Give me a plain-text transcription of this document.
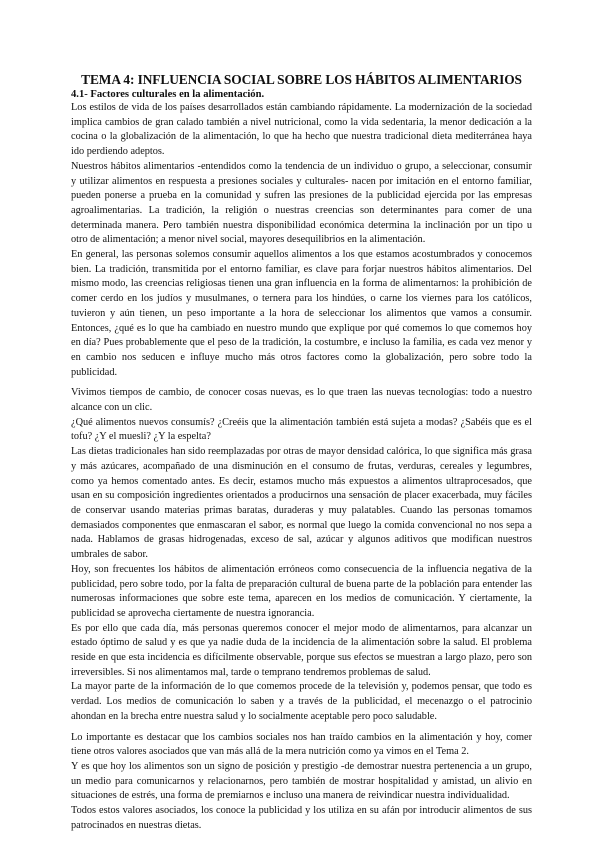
TEMA 4: INFLUENCIA SOCIAL SOBRE LOS HÁBITOS ALIMENTARIOS
4.1- Factores culturales en la alimentación.

Los estilos de vida de los países desarrollados están cambiando rápidamente. La modernización de la sociedad implica cambios de gran calado también a nivel nutricional, como la vida sedentaria, la menor dedicación a la cocina o la globalización de la alimentación, lo que ha hecho que nuestra tradicional dieta mediterránea haya ido perdiendo adeptos.

Nuestros hábitos alimentarios -entendidos como la tendencia de un individuo o grupo, a seleccionar, consumir y utilizar alimentos en respuesta a presiones sociales y culturales- nacen por imitación en el entorno familiar, pueden ponerse a prueba en la comunidad y sufren las presiones de la publicidad ejercida por las empresas agroalimentarias. La tradición, la religión o nuestras creencias son determinantes para comer de una determinada manera. Pero también nuestra disponibilidad económica determina la inclinación por un tipo u otro de alimentación; a menor nivel social, mayores desequilibrios en la alimentación.

En general, las personas solemos consumir aquellos alimentos a los que estamos acostumbrados y conocemos bien. La tradición, transmitida por el entorno familiar, es clave para forjar nuestros hábitos alimentarios. Del mismo modo, las creencias religiosas tienen una gran influencia en la forma de alimentarnos: la prohibición de comer cerdo en los judíos y musulmanes, o ternera para los hindúes, o carne los viernes para los católicos, tuvieron y aún tienen, un peso importante a la hora de seleccionar los alimentos que vamos a consumir. Entonces, ¿qué es lo que ha cambiado en nuestro mundo que explique por qué comemos lo que comemos hoy en día? Pues probablemente que el peso de la tradición, la costumbre, e incluso la familia, es cada vez menor y en cambio nos seducen e influye mucho más otros factores como la globalización, pero sobre todo la publicidad.

Vivimos tiempos de cambio, de conocer cosas nuevas, es lo que traen las nuevas tecnologías: todo a nuestro alcance con un clic.

¿Qué alimentos nuevos consumís? ¿Creéis que la alimentación también está sujeta a modas? ¿Sabéis que es el tofu? ¿Y el muesli? ¿Y la espelta?

Las dietas tradicionales han sido reemplazadas por otras de mayor densidad calórica, lo que significa más grasa y más azúcares, acompañado de una disminución en el consumo de frutas, verduras, cereales y legumbres, como ya hemos comentado antes. Es decir, estamos mucho más expuestos a alimentos ultraprocesados, que usan en su composición ingredientes orientados a producirnos una sensación de placer exacerbada, muy fáciles de conservar usando materias primas baratas, duraderas y muy palatables. Cuando las personas tomamos demasiados componentes que enmascaran el sabor, es normal que luego la comida convencional no nos sepa a nada. Hablamos de grasas hidrogenadas, exceso de sal, azúcar y algunos aditivos que modifican nuestros umbrales de sabor.

Hoy, son frecuentes los hábitos de alimentación erróneos como consecuencia de la influencia negativa de la publicidad, pero sobre todo, por la falta de preparación cultural de buena parte de la población para entender las numerosas informaciones que sobre este tema, aparecen en los medios de comunicación. Y ciertamente, la publicidad se aprovecha ciertamente de nuestra ignorancia.

Es por ello que cada día, más personas queremos conocer el mejor modo de alimentarnos, para alcanzar un estado óptimo de salud y es que ya nadie duda de la incidencia de la alimentación sobre la salud. El problema reside en que esta incidencia es difícilmente observable, porque sus efectos se muestran a largo plazo, pero son irreversibles. Si nos alimentamos mal, tarde o temprano tendremos problemas de salud.

La mayor parte de la información de lo que comemos procede de la televisión y, podemos pensar, que todo es verdad. Los medios de comunicación lo saben y a través de la publicidad, el mecenazgo o el patrocinio ahondan en la brecha entre nuestra salud y lo socialmente aceptable pero poco saludable.

Lo importante es destacar que los cambios sociales nos han traído cambios en la alimentación y hoy, comer tiene otros valores asociados que van más allá de la mera nutrición como ya vimos en el Tema 2.

Y es que hoy los alimentos son un signo de posición y prestigio -de demostrar nuestra pertenencia a un grupo, un medio para comunicarnos y relacionarnos, pero también de mostrar hospitalidad y amistad, un alivio en situaciones de estrés, una forma de premiarnos e incluso una manera de reivindicar nuestra individualidad.

Todos estos valores asociados, los conoce la publicidad y los utiliza en su afán por introducir alimentos de sus patrocinados en nuestras dietas.
